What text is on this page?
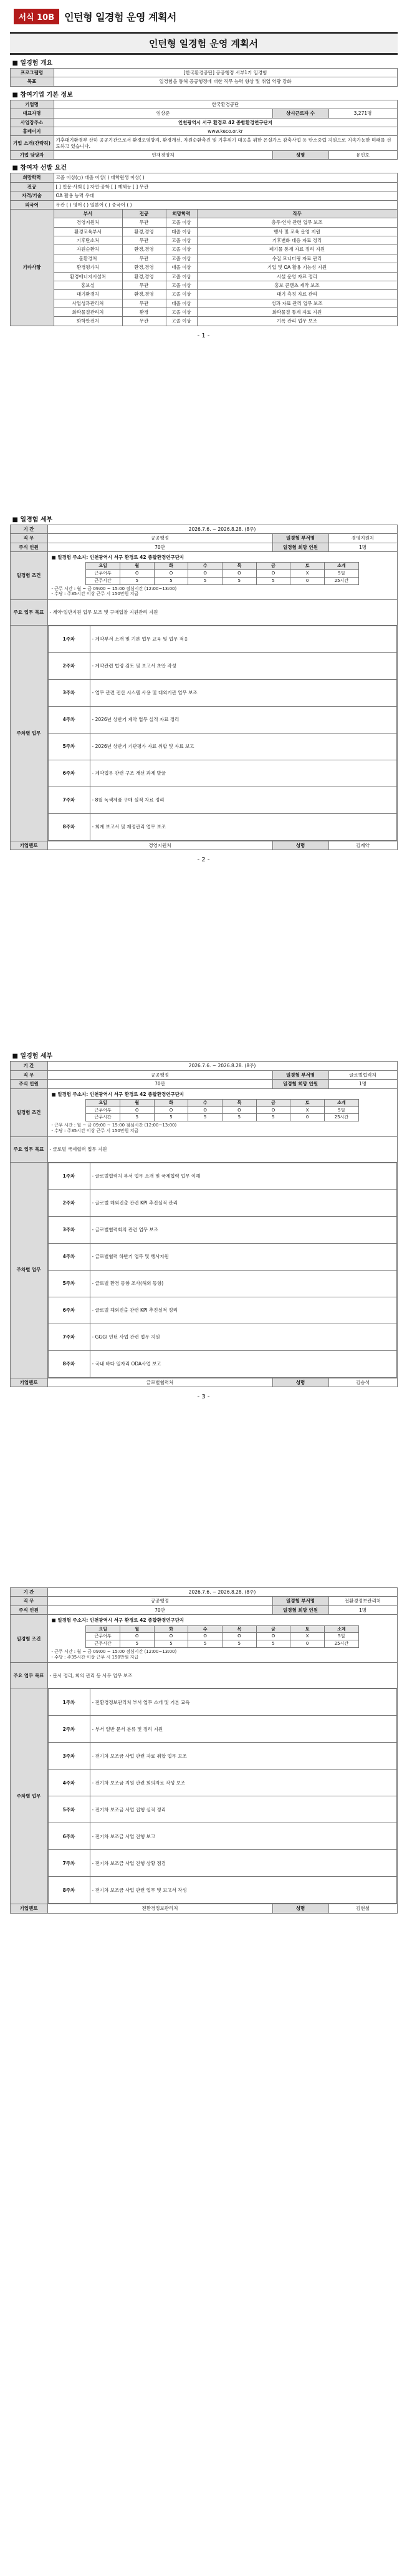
서식 10B	인턴형 일경험 운영 계획서
인턴형 일경험 운영 계획서
■ 일경험 개요
프로그램명	[한국환경공단] 공공행정 서부1기 일경험
목표	일경험을 통해 공공행정에 대한 직무 능력 향상 및 취업 역량 강화
■ 참여기업 기본 정보
기업명	한국환경공단		
대표자명	임상준	상시근로자 수	3,271명
사업장주소	인천광역시 서구 환경로 42 종합환경연구단지		
홈페이지	www.keco.or.kr		
기업 소개(간략히)	기후대기환경부 산하 공공기관으로서 환경오염방지, 환경개선, 자원순환촉진 및 기후위기 대응을 위한 온실가스 감축사업 등 탄소중립 지원으로 지속가능한 미래를 선도하고 있습니다.		
기업 담당자	인재경영처	성명	유인호
■ 참여자 선발 요건
희망학력	고졸 이상(○) 대졸 이상( ) 대학원생 이상( )
전공	[ ] 인문·사회 [ ] 자연·공학 [ ] 예체능 [ ] 무관
자격/기술	OA 활용 능력 우대
외국어	무관 ( ) 영어 ( ) 일본어 ( ) 중국어 ( )
기타사항	부서	전공	희망학력	직무
	경영지원처	무관	고졸 이상	총무·인사 관련 업무 보조
	환경교육부서	환경,경영	대졸 이상	행사 및 교육 운영 지원
	기후탄소처	무관	고졸 이상	기후변화 대응 자료 정리
	자원순환처	환경,경영	고졸 이상	폐기물 통계 자료 정리 지원
	물환경처	무관	고졸 이상	수질 모니터링 자료 관리
	환경평가처	환경,경영	대졸 이상	기업 및 OA 활용 기능성 지원
	환경에너지시설처	환경,경영	고졸 이상	시설 운영 자료 정리
	홍보실	무관	고졸 이상	홍보 콘텐츠 제작 보조
	대기환경처	환경,경영	고졸 이상	대기 측정 자료 관리
	사업성과관리처	무관	대졸 이상	성과 자료 관리 업무 보조
	화학물질관리처	환경	고졸 이상	화학물질 통계 자료 지원
	화학안전처	무관	고졸 이상	기록 관리 업무 보조
- 1 -
■ 일경험 세부
기 간	2026.7.6. ~ 2026.8.28. (8주)
직 무	공공행정	일경험 부서명	경영지원처
주식 인원	70만	일경험 희망 인원	1명
일경험 조건	
■ 일경험 주소지: 인천광역시 서구 환경로 42 종합환경연구단지
요일	월	화	수	목	금	토	소계
근무여부	O	O	O	O	O	X	5일
근무시간	5	5	5	5	5	0	25시간
- 근무 시간 : 월 ~ 금 09:00 ~ 15:00 점심시간 (12:00~13:00)
- 수당 : 주35시간 이상 근무 시 150만원 지급

주요 업무 목표	- 계약·일반지원 업무 보조 및 구매입찰 지원관리 지원
주차별 업무	
1주차	- 계약부서 소개 및 기본 업무 교육 및 업무 적응
2주차	- 계약관련 법령 검토 및 보고서 초안 작성
3주차	- 업무 관련 전산 시스템 사용 및 대외기관 업무 보조
4주차	- 2026년 상반기 계약 업무 실적 자료 정리
5주차	- 2026년 상반기 기관평가 자료 취합 및 자료 보고
6주차	- 계약업무 관련 구조 개선 과제 발굴
7주차	- 8월 녹색제품 구매 실적 자료 정리
8주차	- 회계 보고서 및 재정관리 업무 보조

기업멘토	경영지원처	성명	김계약
- 2 -
■ 일경험 세부
기 간	2026.7.6. ~ 2026.8.28. (8주)
직 무	공공행정	일경험 부서명	글로벌협력처
주식 인원	70만	일경험 희망 인원	1명
일경험 조건	
■ 일경험 주소지: 인천광역시 서구 환경로 42 종합환경연구단지
요일	월	화	수	목	금	토	소계
근무여부	O	O	O	O	O	X	5일
근무시간	5	5	5	5	5	0	25시간
- 근무 시간 : 월 ~ 금 09:00 ~ 15:00 점심시간 (12:00~13:00)
- 수당 : 주35시간 이상 근무 시 150만원 지급

주요 업무 목표	- 글로벌 국제협력 업무 지원
주차별 업무	
1주차	- 글로벌협력처 부서 업무 소개 및 국제협력 업무 이해
2주차	- 글로벌 해외진출 관련 KPI 추진실적 관리
3주차	- 글로벌협력회의 관련 업무 보조
4주차	- 글로벌협력 하반기 업무 및 행사지원
5주차	- 글로벌 환경 동향 조사(해외 동향)
6주차	- 글로벌 해외진출 관련 KPI 추진실적 정리
7주차	- GGGI 인턴 사업 관련 업무 지원
8주차	- 국내 바다 일자리 ODA사업 보고

기업멘토	글로벌협력처	성명	김승석
- 3 -
기 간	2026.7.6. ~ 2026.8.28. (8주)
직 무	공공행정	일경험 부서명	전환경정보관리처
주식 인원	70만	일경험 희망 인원	1명
일경험 조건	
■ 일경험 주소지: 인천광역시 서구 환경로 42 종합환경연구단지
요일	월	화	수	목	금	토	소계
근무여부	O	O	O	O	O	X	5일
근무시간	5	5	5	5	5	0	25시간
- 근무 시간 : 월 ~ 금 09:00 ~ 15:00 점심시간 (12:00~13:00)
- 수당 : 주35시간 이상 근무 시 150만원 지급

주요 업무 목표	- 문서 정리, 회의 관리 등 사무 업무 보조
주차별 업무	
1주차	- 전환경정보관리처 부서 업무 소개 및 기본 교육
2주차	- 부서 일반 문서 분류 및 정리 지원
3주차	- 전기차 보조금 사업 관련 자료 취합 업무 보조
4주차	- 전기차 보조금 지원 관련 회의자료 작성 보조
5주차	- 전기차 보조금 사업 집행 실적 정리
6주차	- 전기차 보조금 사업 진행 보고
7주차	- 전기차 보조금 사업 진행 상황 점검
8주차	- 전기차 보조금 사업 관련 업무 및 보고서 작성

기업멘토	전환경정보관리처	성명	김현철
